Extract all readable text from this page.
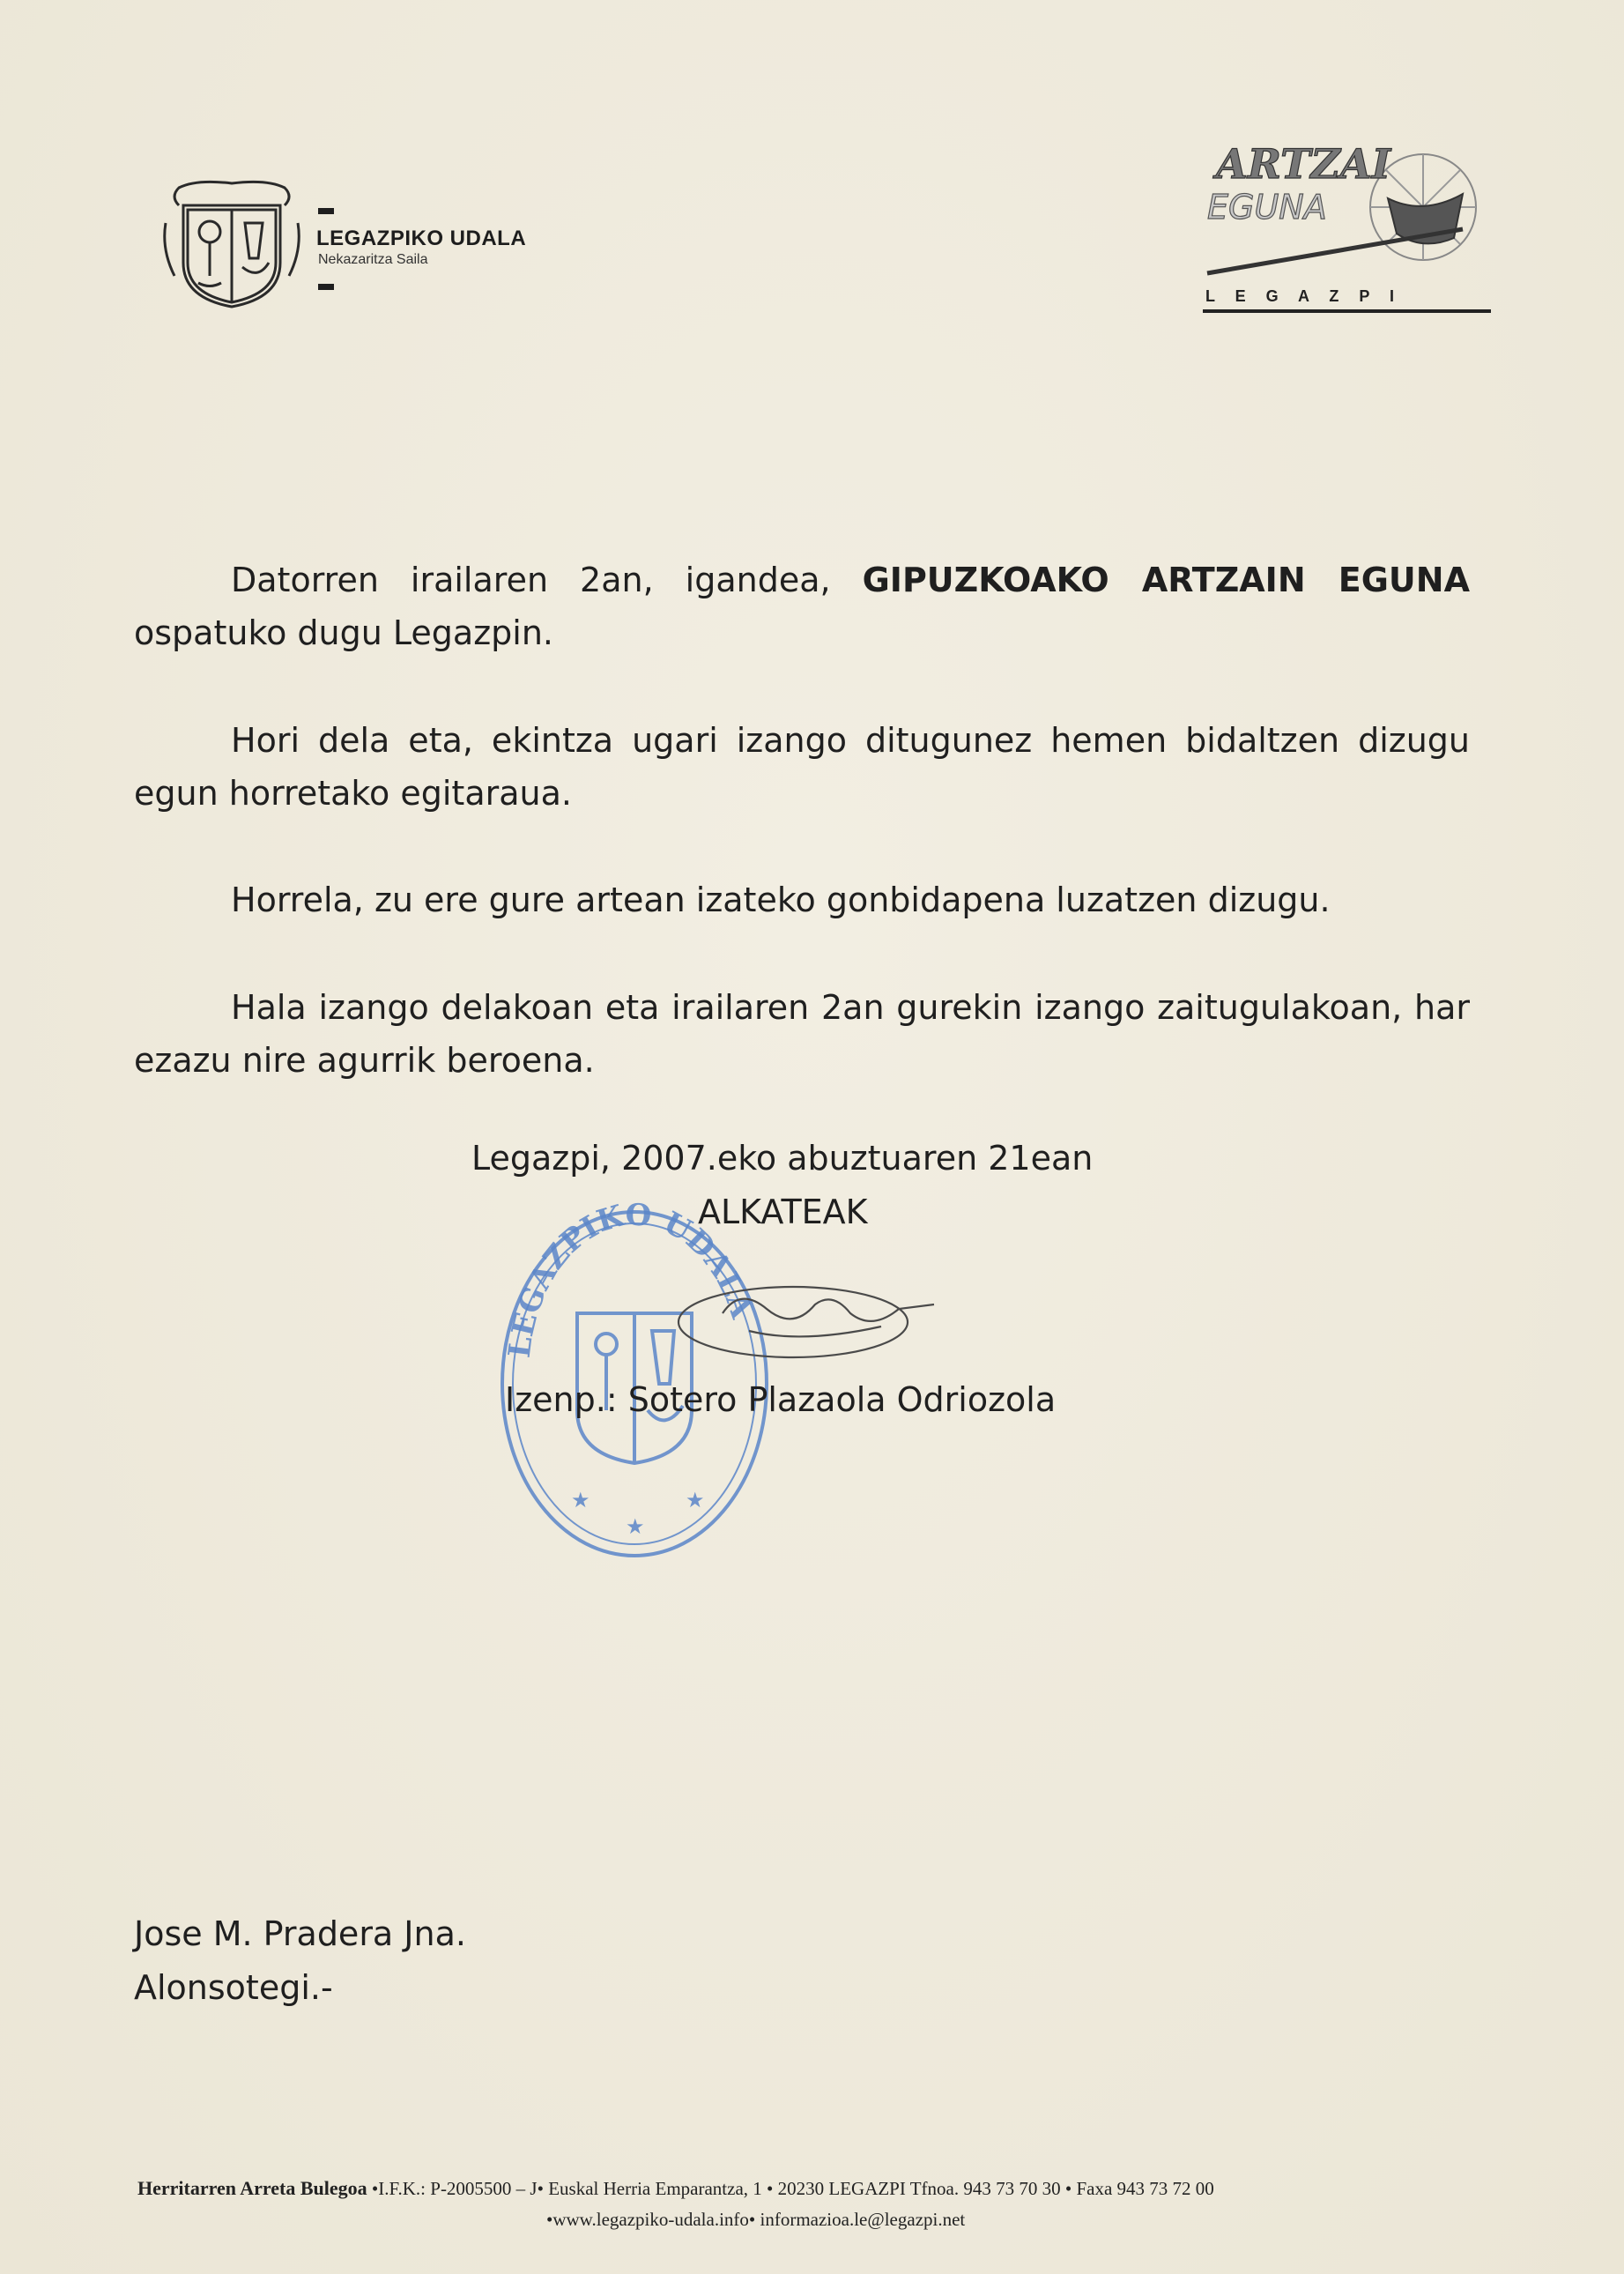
LEGAZPIKO UDALA
Nekazaritza Saila
ARTZAI
EGUNA
L E G A Z P I
Datorren irailaren 2an, igandea, GIPUZKOAKO ARTZAIN EGUNA ospatuko dugu Legazpin.
Hori dela eta, ekintza ugari izango ditugunez hemen bidaltzen dizugu egun horretako egitaraua.
Horrela, zu ere gure artean izateko gonbidapena luzatzen dizugu.
Hala izango delakoan eta irailaren 2an gurekin izango zaitugulakoan, har ezazu nire agurrik beroena.
Legazpi, 2007.eko abuztuaren 21ean
ALKATEAK
LEGAZPIKO UDALA
★
★
★
Izenp.: Sotero Plazaola Odriozola
Jose M. Pradera Jna.
Alonsotegi.-
Herritarren Arreta Bulegoa •I.F.K.: P-2005500 – J• Euskal Herria Emparantza, 1 • 20230 LEGAZPI Tfnoa. 943 73 70 30 • Faxa 943 73 72 00
•www.legazpiko-udala.info• informazioa.le@legazpi.net
